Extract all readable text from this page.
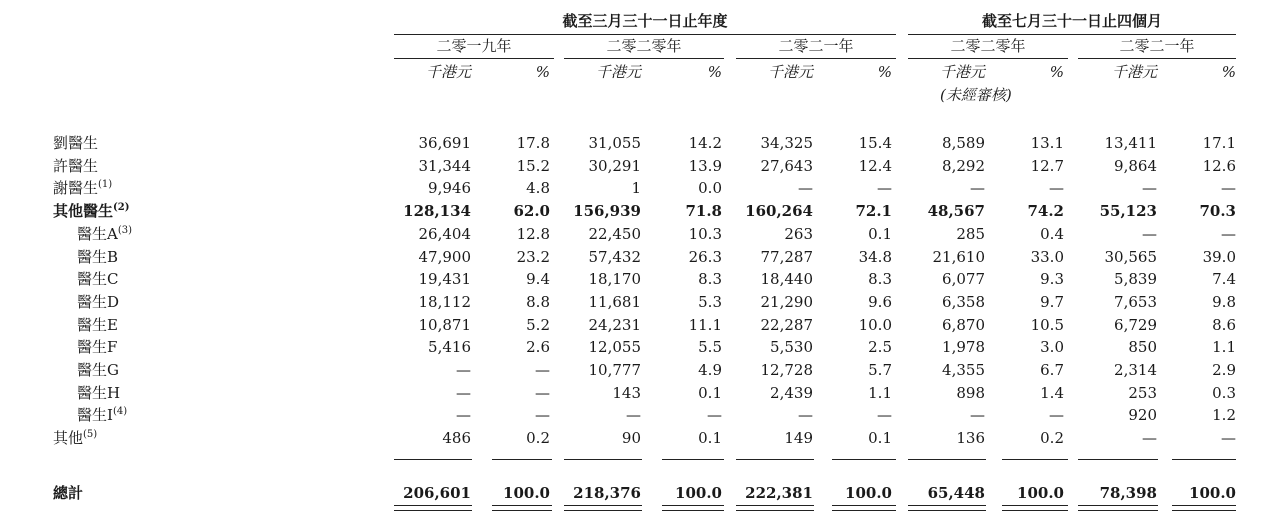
截至三月三十一日止年度	截至七月三十一日止四個月
二零一九年	二零二零年	二零二一年	二零二零年	二零二一年
千港元	%	千港元	%	千港元	%	千港元	%	千港元	%
(未經審核)
劉醫生	36,691	17.8	31,055	14.2	34,325	15.4	8,589	13.1	13,411	17.1
許醫生	31,344	15.2	30,291	13.9	27,643	12.4	8,292	12.7	9,864	12.6
謝醫生$^{(1)}$	9,946	4.8	1	0.0	—	—	—	—	—	—
其他醫生$^{(2)}$	128,134	62.0 156,939	71.8 160,264	72.1 48,567	74.2 55,123	70.3
醫生$A^{(3)}$	26,404	12.8	22,450	10.3	263	0.1	285	0.4	—	—
醫生B	47,900	23.2	57,432	26.3	77,287	34.8	21,610	33.0	30,565	39.0
醫生C	19,431	9.4	18,170	8.3	18,440	8.3	6,077	9.3	5,839	7.4
醫生D	18,112	8.8	11,681	5.3	21,290	9.6	6,358	9.7	7,653	9.8
醫生E	10,871	5.2	24,231	11.1	22,287	10.0	6,870	10.5	6,729	8.6
醫生F	5,416	2.6	12,055	5.5	5,530	2.5	1,978	3.0	850	1.1
醫生G	—	—	10,777	4.9	12,728	5.7	4,355	6.7	2,314	2.9
醫生H	—	—	143	0.1	2,439	1.1	898	1.4	253	0.3
醫生$I^{(4)}$	—	—	—	—	—	—	—	—	920	1.2
其他$^{(5)}$	486	0.2	90	0.1	149	0.1	136	0.2	—	—
總計	206,601 100.0 218,376 100.0 222,381 100.0 65,448 100.0 78,398 100.0
